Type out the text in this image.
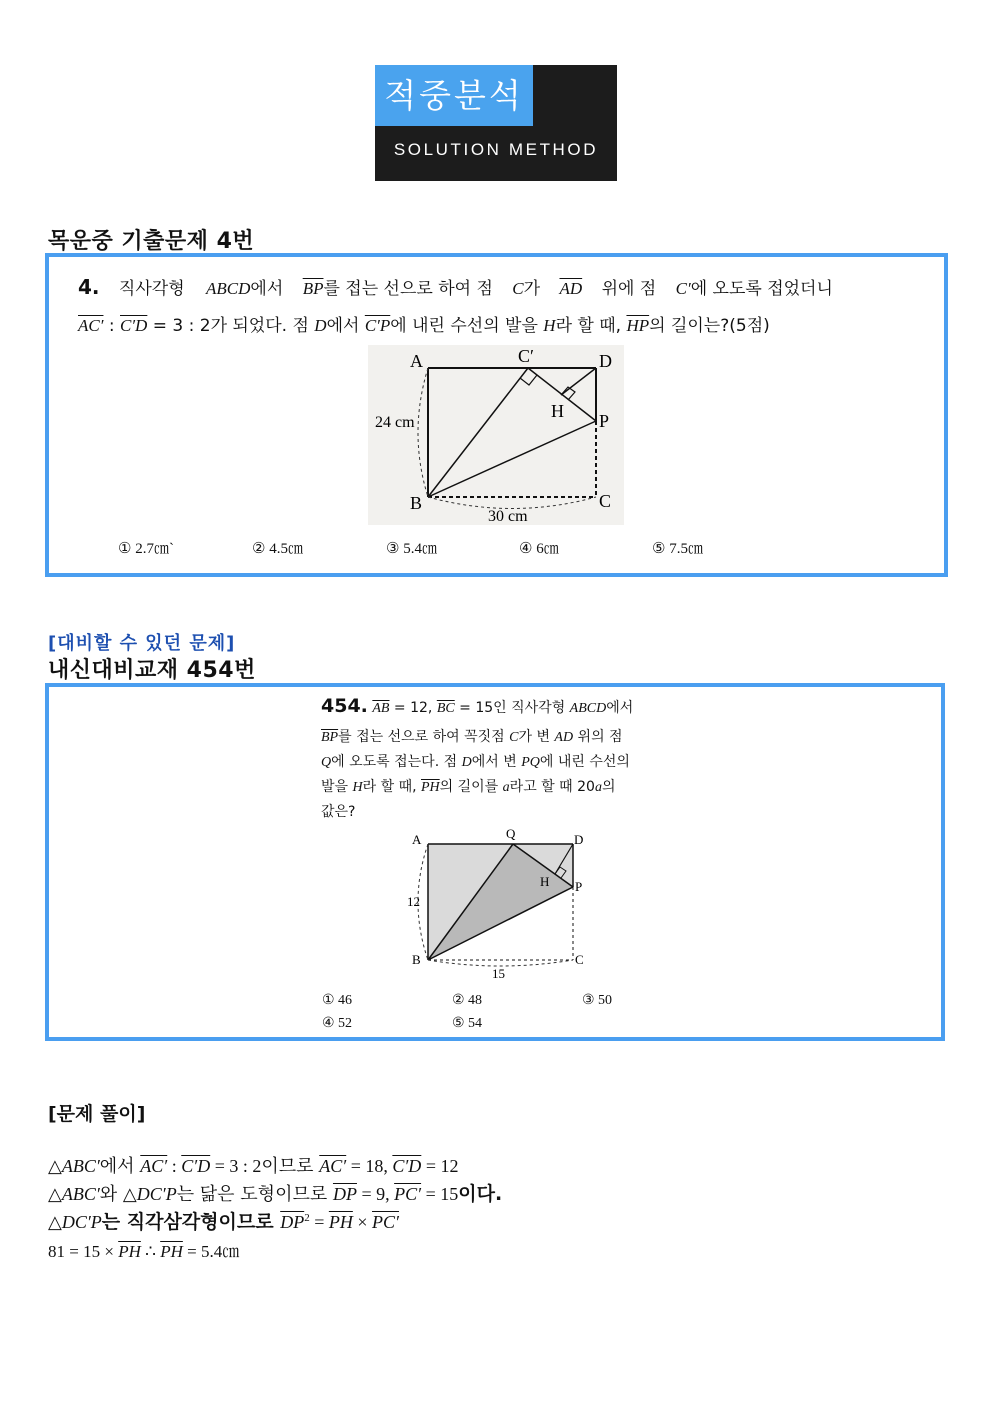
적중분석
SOLUTION METHOD
목운중 기출문제 4번
4. 직사각형 ABCD에서 $\overline{BP}$를 접는 선으로 하여 점 C가 $\overline{AD}$ 위에 점 C′에 오도록 접었더니
AC′ : C′D = 3 : 2가 되었다. 점 D에서 C′P에 내린 수선의 발을 H라 할 때, $\overline{HP}$의 길이는?(5점)
A	C′	D
H P
B	C
24 cm
30 cm
① 2.7㎝`	② 4.5㎝	③ 5.4㎝	④ 6㎝	⑤ 7.5㎝
[대비할 수 있던 문제]
내신대비교재 454번
454. $\overline{AB} = 12$, $\overline{BC} = 15$인 직사각형 ABCD에서
$\overline{BP}$를 접는 선으로 하여 꼭짓점 C가 변 AD 위의 점
Q에 오도록 접는다. 점 D에서 변 PQ에 내린 수선의
발을 H라 할 때, $\overline{PH}$의 길이를 a라고 할 때 20a의
값은?
A	Q	D
H P
B	C
12
15
① 46	② 48	③ 50
④ 52	⑤ 54
[문제 풀이]
△ABC′에서 AC′ : C′D = 3 : 2이므로 AC′ = 18, C′D = 12
△ABC′와 △DC′P는 닮은 도형이므로 $\overline{DP} = 9$, PC′ = 15이다.
△DC′P는 직각삼각형이므로 $\overline{DP}^2 = \overline{PH} \times PC'$
$81 = 15 \times \overline{PH}$ ∴ $\overline{PH}$ = 5.4㎝
